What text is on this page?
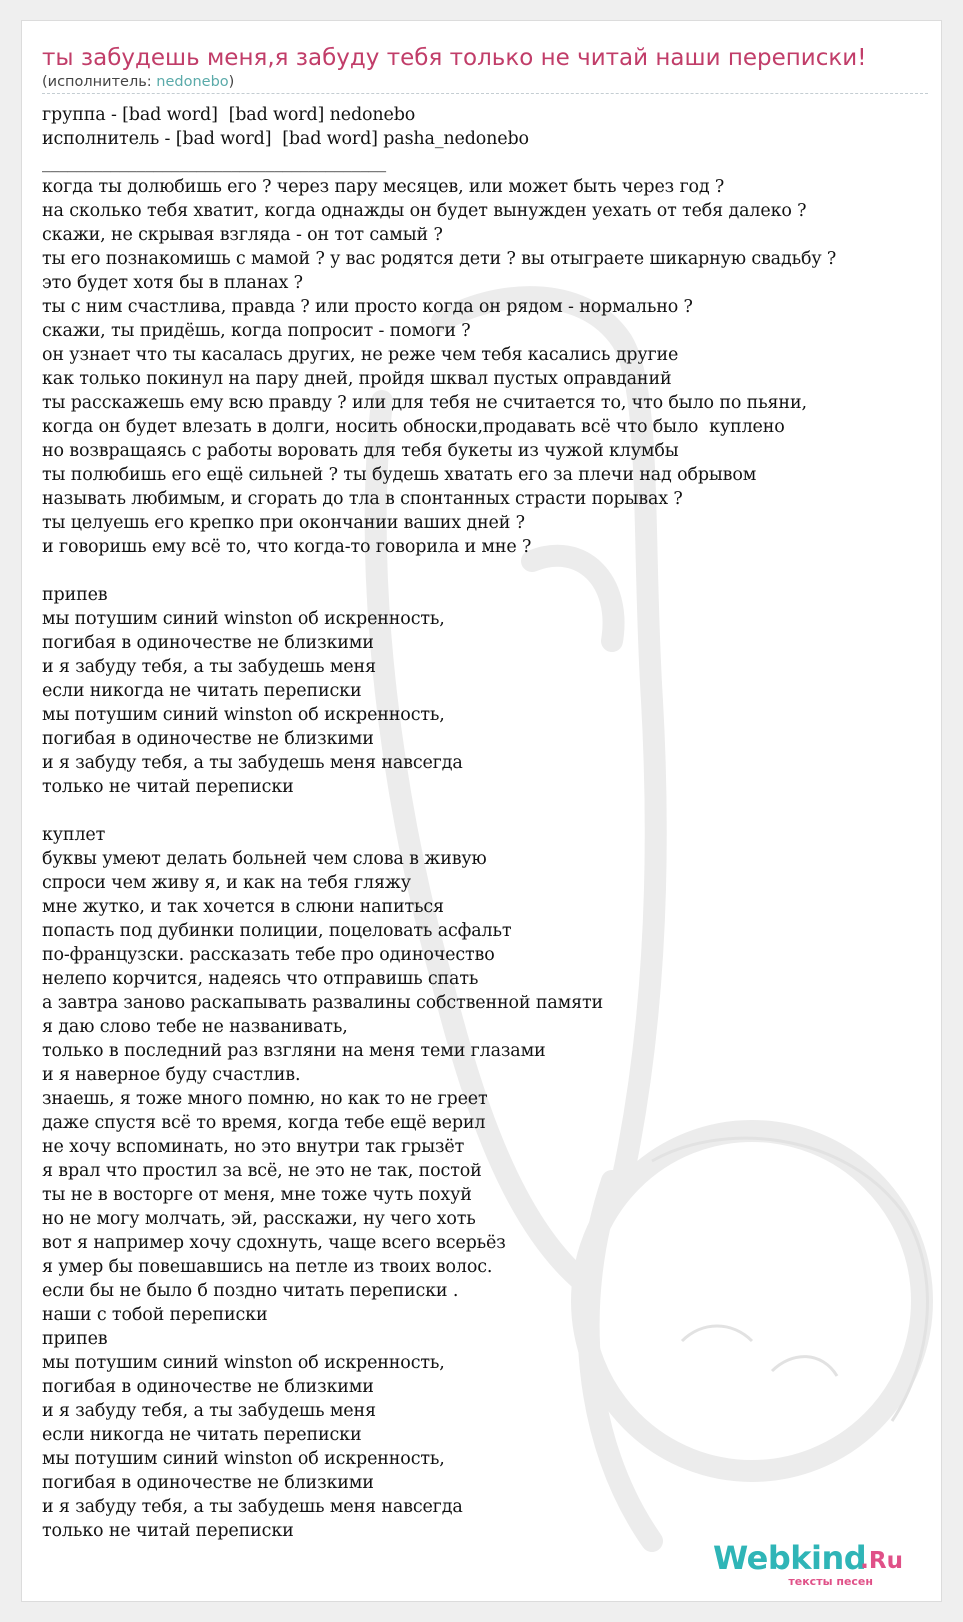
ты забудешь меня,я забуду тебя только не читай наши переписки!
(исполнитель: nedonebo)
группа - [bad word]  [bad word] nedonebo
исполнитель - [bad word]  [bad word] pasha_nedonebo
________________________________________
когда ты долюбишь его ? через пару месяцев, или может быть через год ?
на сколько тебя хватит, когда однажды он будет вынужден уехать от тебя далеко ?
скажи, не скрывая взгляда - он тот самый ?
ты его познакомишь с мамой ? у вас родятся дети ? вы отыграете шикарную свадьбу ?
это будет хотя бы в планах ?
ты с ним счастлива, правда ? или просто когда он рядом - нормально ?
скажи, ты придёшь, когда попросит - помоги ?
он узнает что ты касалась других, не реже чем тебя касались другие
как только покинул на пару дней, пройдя шквал пустых оправданий
ты расскажешь ему всю правду ? или для тебя не считается то, что было по пьяни,
когда он будет влезать в долги, носить обноски,продавать всё что было  куплено
но возвращаясь с работы воровать для тебя букеты из чужой клумбы
ты полюбишь его ещё сильней ? ты будешь хватать его за плечи над обрывом
называть любимым, и сгорать до тла в спонтанных страсти порывах ?
ты целуешь его крепко при окончании ваших дней ?
и говоришь ему всё то, что когда-то говорила и мне ?
припев
мы потушим синий winston об искренность,
погибая в одиночестве не близкими
и я забуду тебя, а ты забудешь меня
если никогда не читать переписки
мы потушим синий winston об искренность,
погибая в одиночестве не близкими
и я забуду тебя, а ты забудешь меня навсегда
только не читай переписки
куплет
буквы умеют делать больней чем слова в живую
спроси чем живу я, и как на тебя гляжу
мне жутко, и так хочется в слюни напиться
попасть под дубинки полиции, поцеловать асфальт
по-французски. рассказать тебе про одиночество
нелепо корчится, надеясь что отправишь спать
а завтра заново раскапывать развалины собственной памяти
я даю слово тебе не названивать,
только в последний раз взгляни на меня теми глазами
и я наверное буду счастлив.
знаешь, я тоже много помню, но как то не греет
даже спустя всё то время, когда тебе ещё верил
не хочу вспоминать, но это внутри так грызёт
я врал что простил за всё, не это не так, постой
ты не в восторге от меня, мне тоже чуть похуй
но не могу молчать, эй, расскажи, ну чего хоть
вот я например хочу сдохнуть, чаще всего всерьёз
я умер бы повешавшись на петле из твоих волос.
если бы не было б поздно читать переписки .
наши с тобой переписки
припев
мы потушим синий winston об искренность,
погибая в одиночестве не близкими
и я забуду тебя, а ты забудешь меня
если никогда не читать переписки
мы потушим синий winston об искренность,
погибая в одиночестве не близкими
и я забуду тебя, а ты забудешь меня навсегда
только не читай переписки
Webkind
.Ru
тексты песен
